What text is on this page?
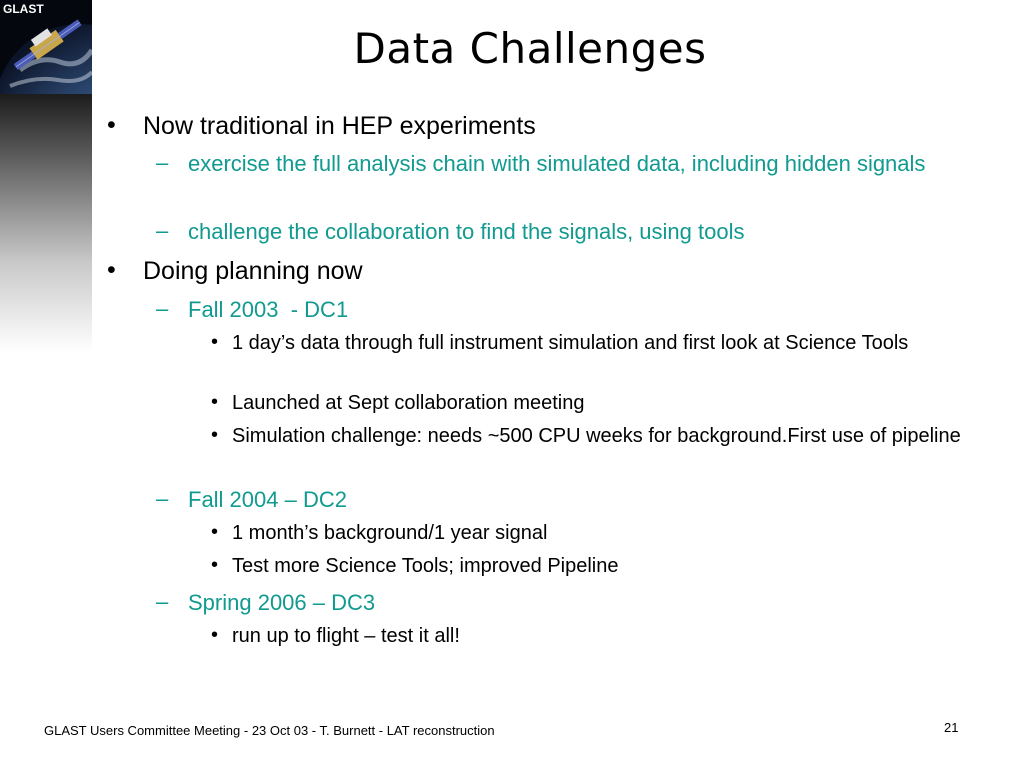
GLAST
Data Challenges
• Now traditional in HEP experiments
– exercise the full analysis chain with simulated data, including hidden signals
– challenge the collaboration to find the signals, using tools
• Doing planning now
– Fall 2003  - DC1
• 1 day’s data through full instrument simulation and first look at Science Tools
• Launched at Sept collaboration meeting
• Simulation challenge: needs ~500 CPU weeks for background.First use of pipeline
– Fall 2004 – DC2
• 1 month’s background/1 year signal
• Test more Science Tools; improved Pipeline
– Spring 2006 – DC3
• run up to flight – test it all!
GLAST Users Committee Meeting - 23 Oct 03 - T. Burnett - LAT reconstruction	21
